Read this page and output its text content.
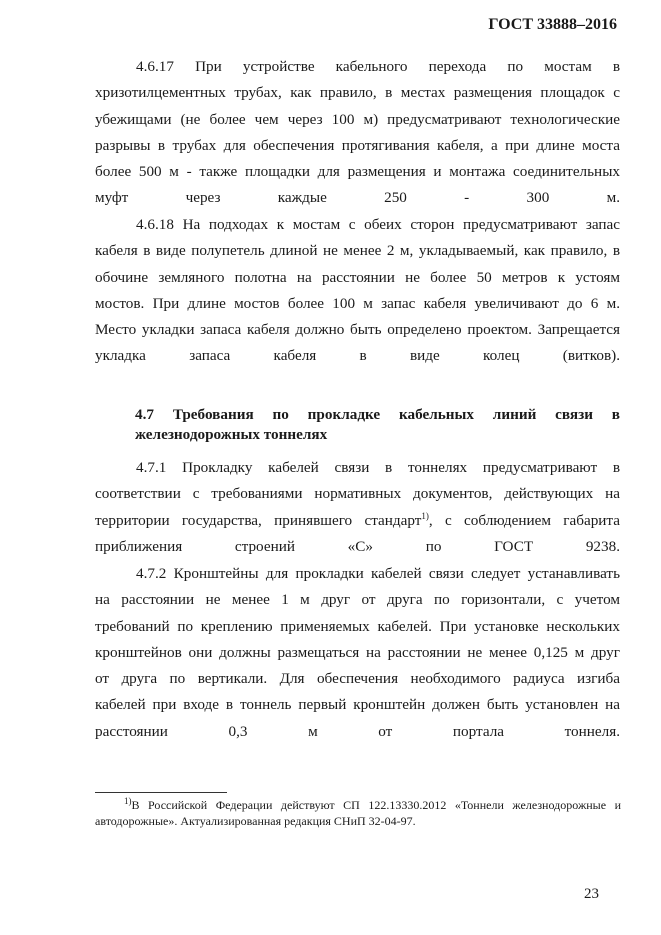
ГОСТ 33888–2016
4.6.17 При устройстве кабельного перехода по мостам в
хризотилцементных трубах, как правило, в местах размещения площадок с
убежищами (не более чем через 100 м) предусматривают технологические
разрывы в трубах для обеспечения протягивания кабеля, а при длине моста
более 500 м - также площадки для размещения и монтажа соединительных
муфт через каждые 250 - 300 м.
4.6.18 На подходах к мостам с обеих сторон предусматривают запас
кабеля в виде полупетель длиной не менее 2 м, укладываемый, как правило, в
обочине земляного полотна на расстоянии не более 50 метров к устоям
мостов. При длине мостов более 100 м запас кабеля увеличивают до 6 м.
Место укладки запаса кабеля должно быть определено проектом. Запрещается
укладка запаса кабеля в виде колец (витков).
4.7 Требования по прокладке кабельных линий связи в
железнодорожных тоннелях
4.7.1 Прокладку кабелей связи в тоннелях предусматривают в
соответствии с требованиями нормативных документов, действующих на
территории государства, принявшего стандарт$^{1)}$, с соблюдением габарита
приближения строений «С» по ГОСТ 9238.
4.7.2 Кронштейны для прокладки кабелей связи следует устанавливать
на расстоянии не менее 1 м друг от друга по горизонтали, с учетом
требований по креплению применяемых кабелей. При установке нескольких
кронштейнов они должны размещаться на расстоянии не менее 0,125 м друг
от друга по вертикали. Для обеспечения необходимого радиуса изгиба
кабелей при входе в тоннель первый кронштейн должен быть установлен на
расстоянии 0,3 м от портала тоннеля.
$^{1)}$В Российской Федерации действуют СП 122.13330.2012 «Тоннели железнодорожные и
автодорожные». Актуализированная редакция СНиП 32-04-97.
23
